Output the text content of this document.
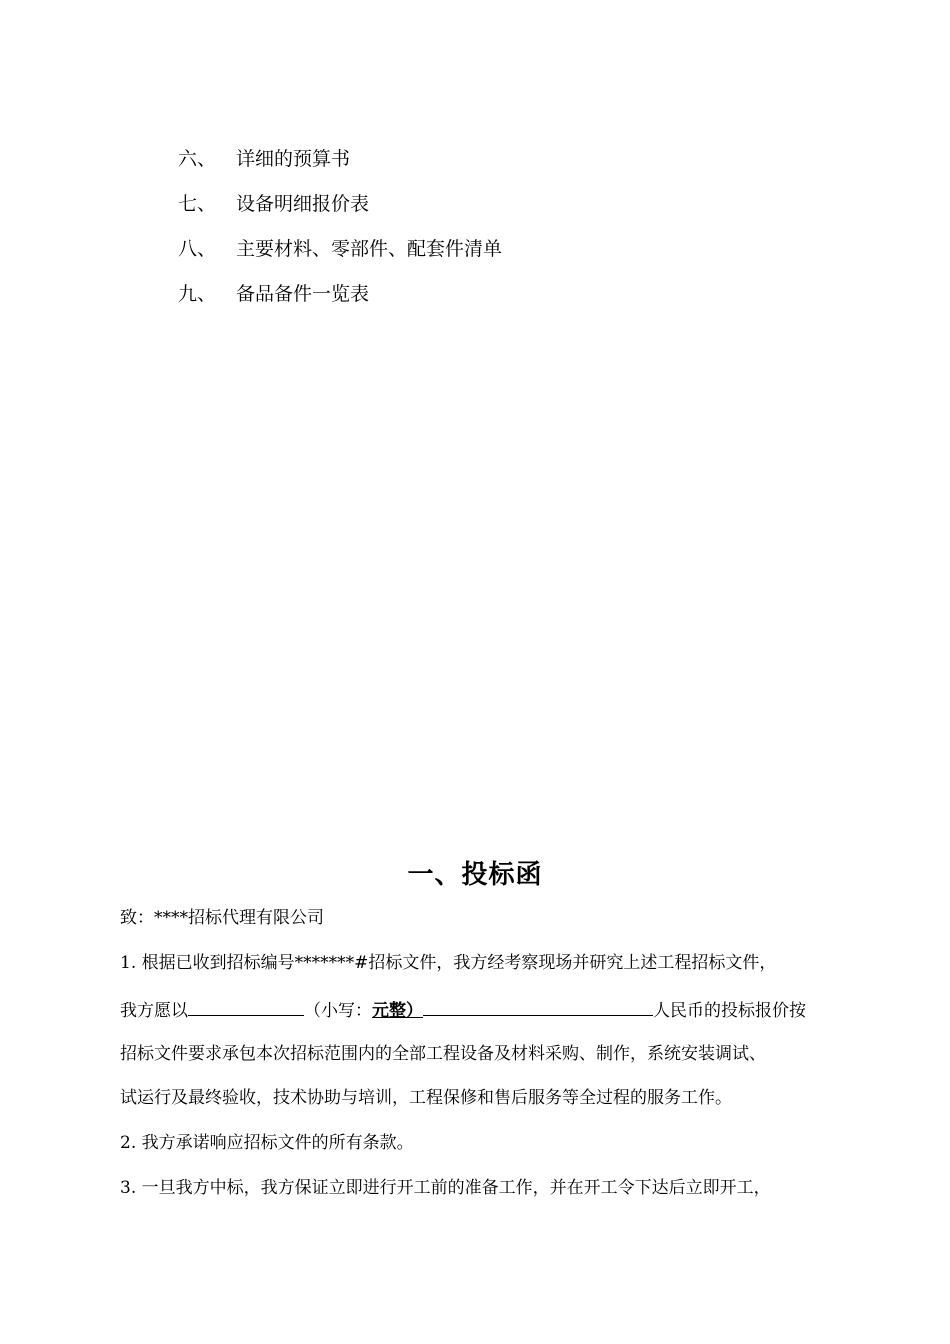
六、 详细的预算书
七、 设备明细报价表
八、 主要材料、零部件、配套件清单
九、 备品备件一览表
一、投标函
致：****招标代理有限公司
1. 根据已收到招标编号*******#招标文件，我方经考察现场并研究上述工程招标文件，
我方愿以	（小写：元整）	人民币的投标报价按
招标文件要求承包本次招标范围内的全部工程设备及材料采购、制作，系统安装调试、
试运行及最终验收，技术协助与培训，工程保修和售后服务等全过程的服务工作。
2. 我方承诺响应招标文件的所有条款。
3. 一旦我方中标，我方保证立即进行开工前的准备工作，并在开工令下达后立即开工，
